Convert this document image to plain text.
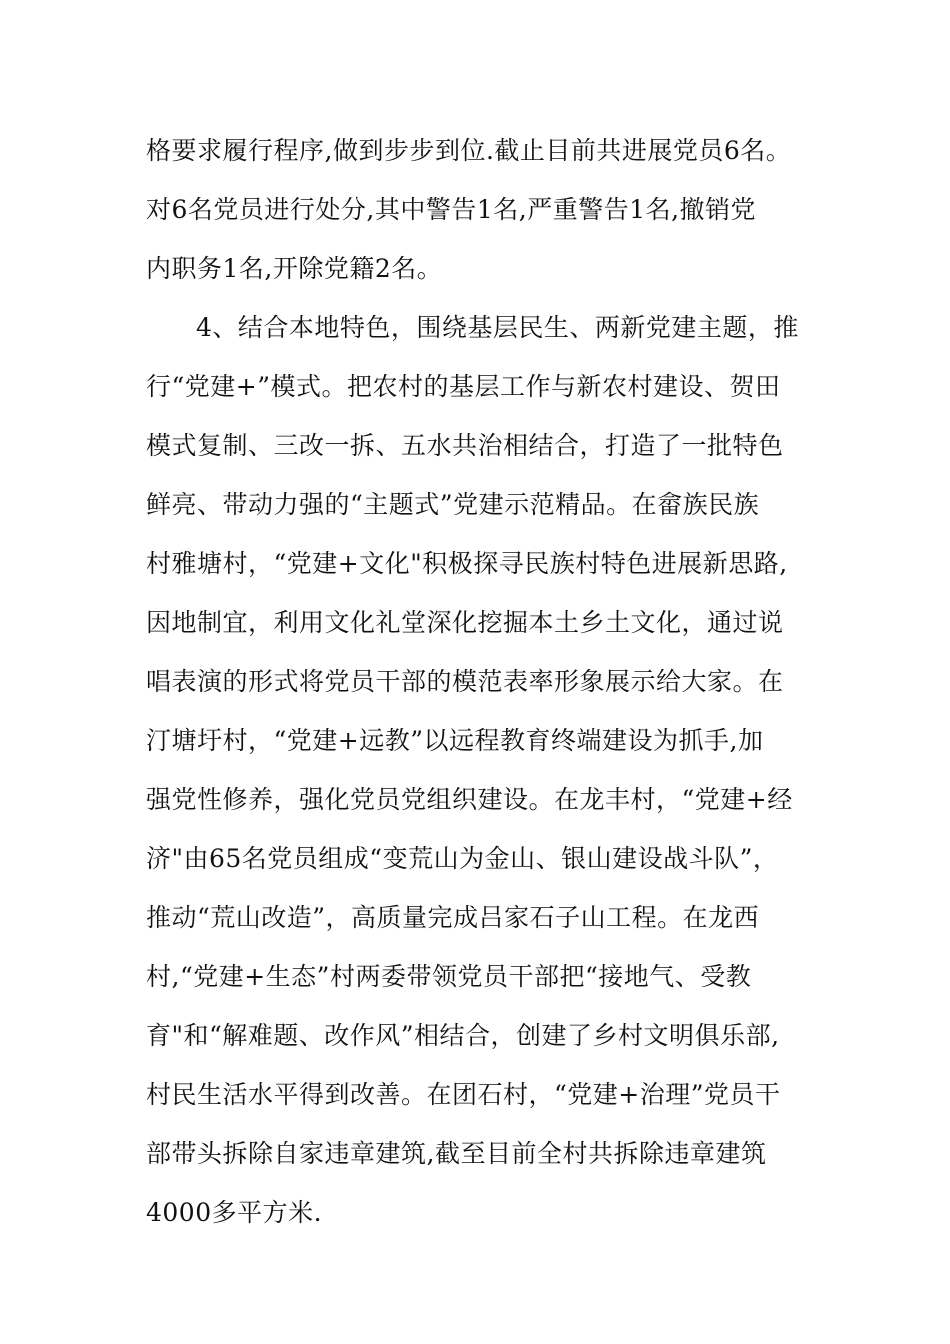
格要求履行程序,做到步步到位.截止目前共进展党员6名。
对6名党员进行处分,其中警告1名,严重警告1名,撤销党
内职务1名,开除党籍2名。
4、结合本地特色，围绕基层民生、两新党建主题，推
行“党建+”模式。把农村的基层工作与新农村建设、贺田
模式复制、三改一拆、五水共治相结合，打造了一批特色
鲜亮、带动力强的“主题式”党建示范精品。在畲族民族
村雅塘村，“党建+文化"积极探寻民族村特色进展新思路,
因地制宜，利用文化礼堂深化挖掘本土乡土文化，通过说
唱表演的形式将党员干部的模范表率形象展示给大家。在
汀塘圩村，“党建+远教”以远程教育终端建设为抓手,加
强党性修养，强化党员党组织建设。在龙丰村，“党建+经
济"由65名党员组成“变荒山为金山、银山建设战斗队”，
推动“荒山改造”，高质量完成吕家石子山工程。在龙西
村,“党建+生态”村两委带领党员干部把“接地气、受教
育"和“解难题、改作风”相结合，创建了乡村文明俱乐部,
村民生活水平得到改善。在团石村，“党建+治理”党员干
部带头拆除自家违章建筑,截至目前全村共拆除违章建筑
4000多平方米.
